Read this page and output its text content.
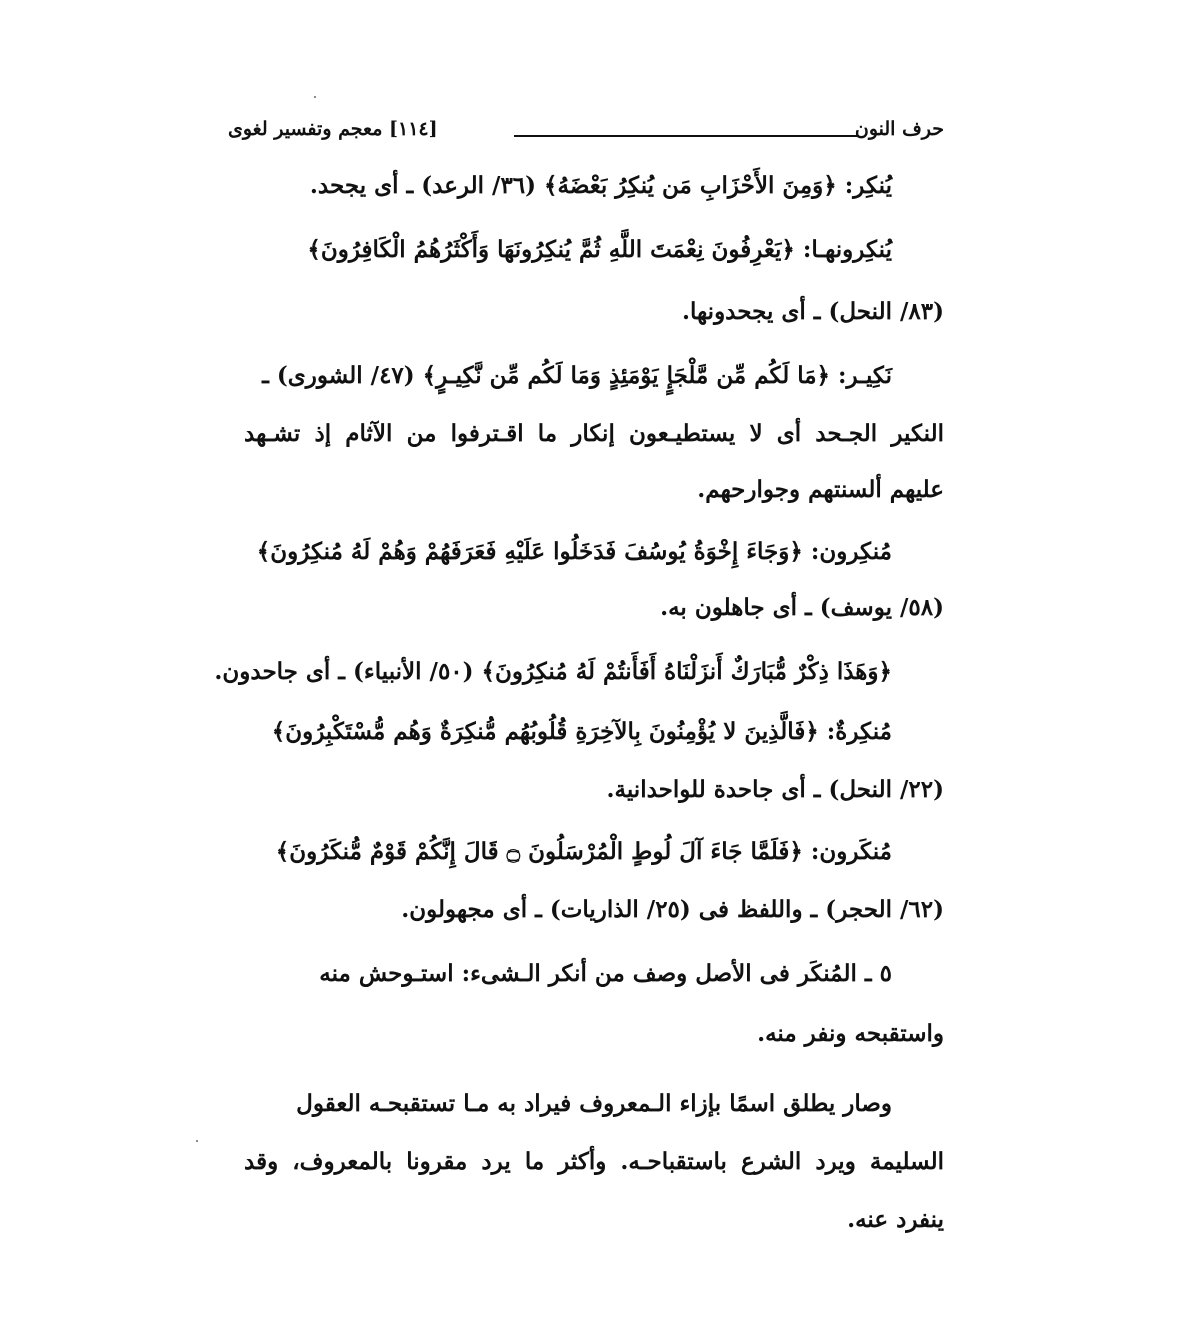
حرف النون
[١١٤] معجم وتفسير لغوى
يُنكِر: ﴿وَمِنَ الأَحْزَابِ مَن يُنكِرُ بَعْضَهُ﴾ (٣٦/ الرعد) ـ أى يجحد.
يُنكِرونهـا: ﴿يَعْرِفُونَ نِعْمَتَ اللَّهِ ثُمَّ يُنكِرُونَهَا وَأَكْثَرُهُمُ الْكَافِرُونَ﴾
(٨٣/ النحل) ـ أى يجحدونها.
نَكِيـر: ﴿مَا لَكُم مِّن مَّلْجَإٍ يَوْمَئِذٍ وَمَا لَكُم مِّن نَّكِيـرٍ﴾ (٤٧/ الشورى) ـ
النكير الجـحد أى لا يستطيـعون إنكار ما اقـترفوا من الآثام إذ تشـهد
عليهم ألسنتهم وجوارحهم.
مُنكِرون: ﴿وَجَاءَ إِخْوَةُ يُوسُفَ فَدَخَلُوا عَلَيْهِ فَعَرَفَهُمْ وَهُمْ لَهُ مُنكِرُونَ﴾
(٥٨/ يوسف) ـ أى جاهلون به.
﴿وَهَذَا ذِكْرٌ مُّبَارَكٌ أَنزَلْنَاهُ أَفَأَنتُمْ لَهُ مُنكِرُونَ﴾ (٥٠/ الأنبياء) ـ أى جاحدون.
مُنكِرةٌ: ﴿فَالَّذِينَ لا يُؤْمِنُونَ بِالآخِرَةِ قُلُوبُهُم مُّنكِرَةٌ وَهُم مُّسْتَكْبِرُونَ﴾
(٢٢/ النحل) ـ أى جاحدة للواحدانية.
مُنكَرون: ﴿فَلَمَّا جَاءَ آلَ لُوطٍ الْمُرْسَلُونَ ۝ قَالَ إِنَّكُمْ قَوْمٌ مُّنكَرُونَ﴾
(٦٢/ الحجر) ـ واللفظ فى (٢٥/ الذاريات) ـ أى مجهولون.
٥ ـ المُنكَر فى الأصل وصف من أنكر الـشىء: استـوحش منه
واستقبحه ونفر منه.
وصار يطلق اسمًا بإزاء الـمعروف فيراد به مـا تستقبحـه العقول
السليمة ويرد الشرع باستقباحـه. وأكثر ما يرد مقرونا بالمعروف، وقد
ينفرد عنه.
